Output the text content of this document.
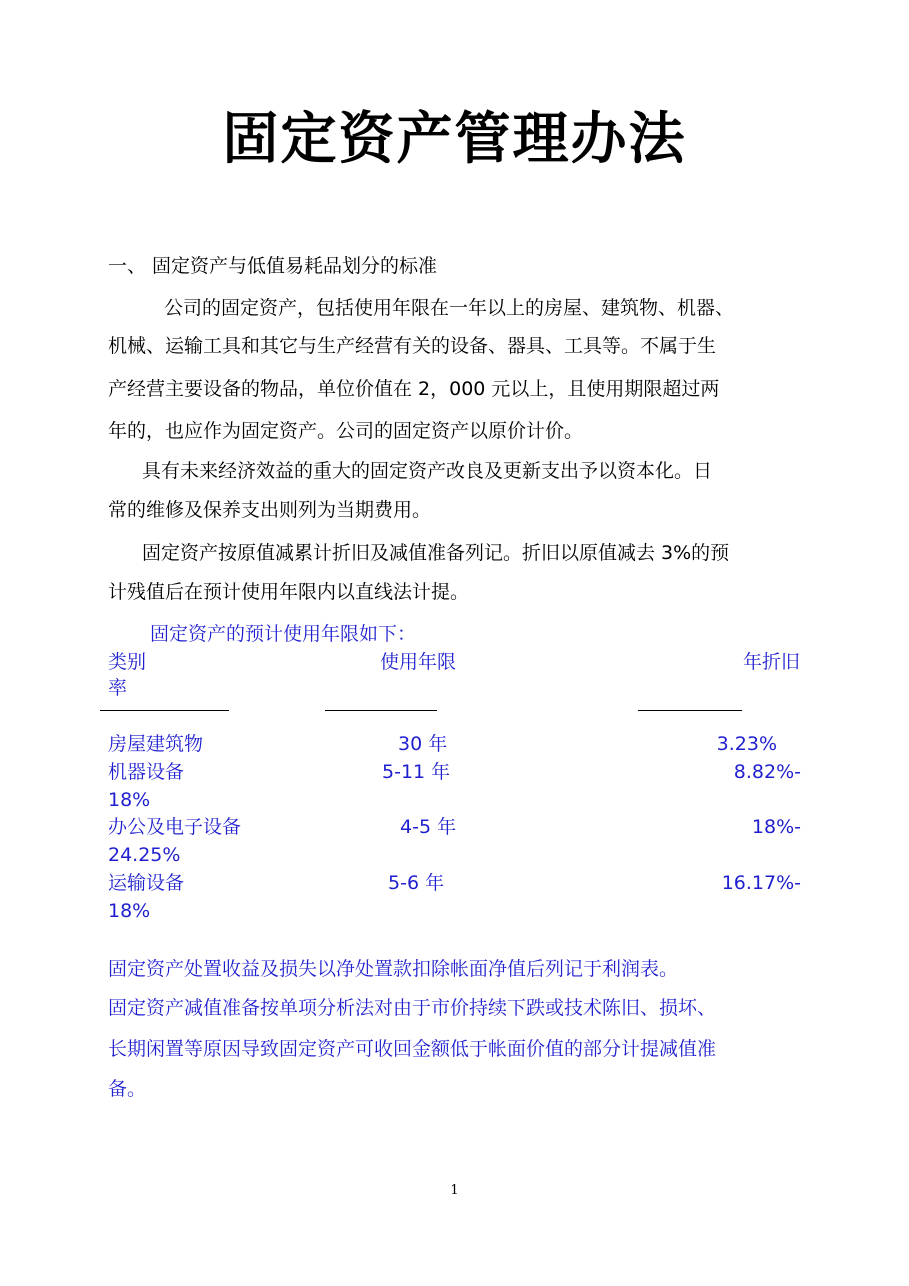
固定资产管理办法
一、 固定资产与低值易耗品划分的标准
公司的固定资产，包括使用年限在一年以上的房屋、建筑物、机器、
机械、运输工具和其它与生产经营有关的设备、器具、工具等。不属于生
产经营主要设备的物品，单位价值在 2，000 元以上，且使用期限超过两
年的，也应作为固定资产。公司的固定资产以原价计价。
具有未来经济效益的重大的固定资产改良及更新支出予以资本化。日
常的维修及保养支出则列为当期费用。
固定资产按原值减累计折旧及减值准备列记。折旧以原值减去 3%的预
计残值后在预计使用年限内以直线法计提。
固定资产的预计使用年限如下：
类别	使用年限	年折旧
率
房屋建筑物	30 年	3.23%
机器设备	5-11 年	8.82%-
18%
办公及电子设备	4-5 年	18%-
24.25%
运输设备	5-6 年	16.17%-
18%
固定资产处置收益及损失以净处置款扣除帐面净值后列记于利润表。
固定资产减值准备按单项分析法对由于市价持续下跌或技术陈旧、损坏、
长期闲置等原因导致固定资产可收回金额低于帐面价值的部分计提减值准
备。
1
